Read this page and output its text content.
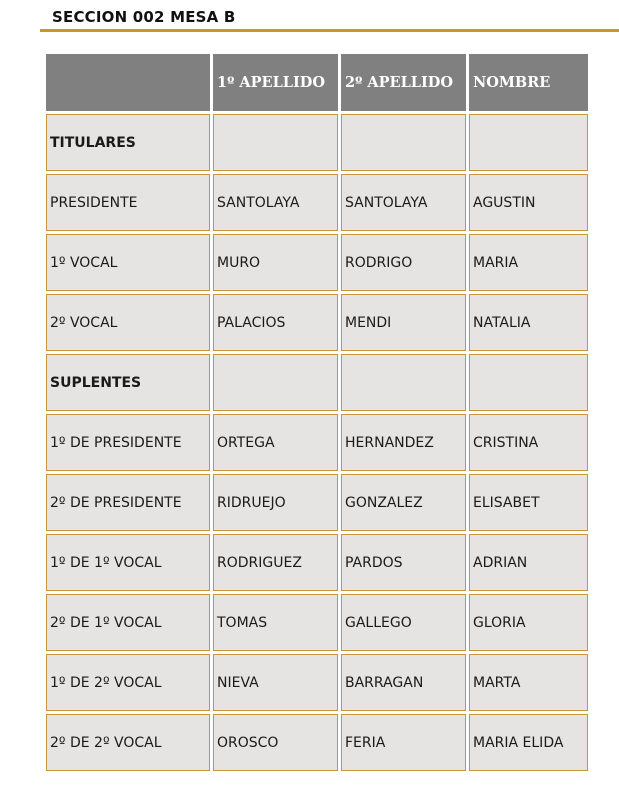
SECCION 002 MESA B
	1º APELLIDO	2º APELLIDO	NOMBRE
TITULARES			
PRESIDENTE	SANTOLAYA	SANTOLAYA	AGUSTIN
1º VOCAL	MURO	RODRIGO	MARIA
2º VOCAL	PALACIOS	MENDI	NATALIA
SUPLENTES			
1º DE PRESIDENTE	ORTEGA	HERNANDEZ	CRISTINA
2º DE PRESIDENTE	RIDRUEJO	GONZALEZ	ELISABET
1º DE 1º VOCAL	RODRIGUEZ	PARDOS	ADRIAN
2º DE 1º VOCAL	TOMAS	GALLEGO	GLORIA
1º DE 2º VOCAL	NIEVA	BARRAGAN	MARTA
2º DE 2º VOCAL	OROSCO	FERIA	MARIA ELIDA
